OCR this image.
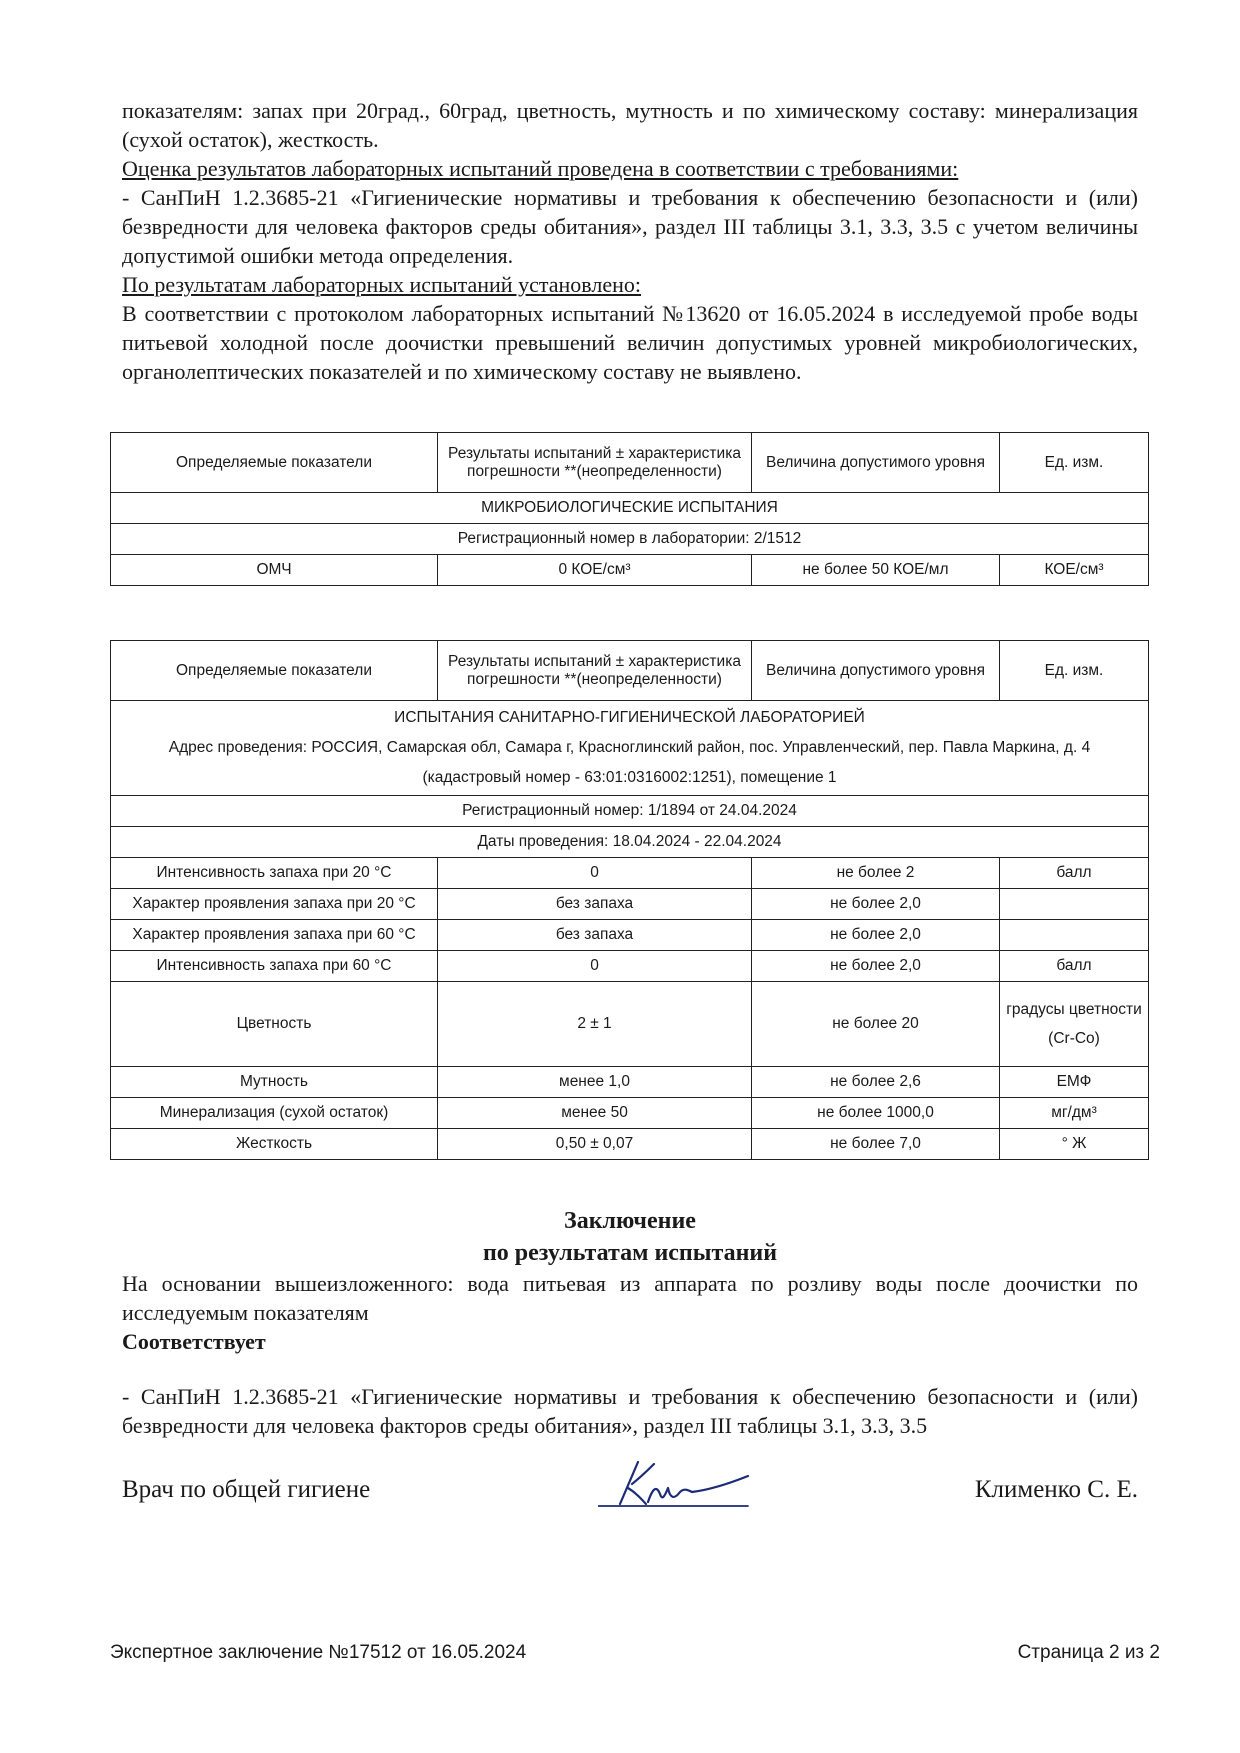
показателям: запах при 20град., 60град, цветность, мутность и по химическому составу: минерализация (сухой остаток), жесткость.

Оценка результатов лабораторных испытаний проведена в соответствии с требованиями:

- СанПиН 1.2.3685-21 «Гигиенические нормативы и требования к обеспечению безопасности и (или) безвредности для человека факторов среды обитания», раздел III таблицы 3.1, 3.3, 3.5 с учетом величины допустимой ошибки метода определения.

По результатам лабораторных испытаний установлено:

В соответствии с протоколом лабораторных испытаний №13620 от 16.05.2024 в исследуемой пробе воды питьевой холодной после доочистки превышений величин допустимых уровней микробиологических, органолептических показателей и по химическому составу не выявлено.

Определяемые показатели	Результаты испытаний ± характеристика погрешности **(неопределенности)	Величина допустимого уровня	Ед. изм.
МИКРОБИОЛОГИЧЕСКИЕ ИСПЫТАНИЯ			
Регистрационный номер в лаборатории: 2/1512			
ОМЧ	0 КОЕ/см³	не более 50 КОЕ/мл	КОЕ/см³
Определяемые показатели	Результаты испытаний ± характеристика погрешности **(неопределенности)	Величина допустимого уровня	Ед. изм.

ИСПЫТАНИЯ САНИТАРНО-ГИГИЕНИЧЕСКОЙ ЛАБОРАТОРИЕЙ
Адрес проведения: РОССИЯ, Самарская обл, Самара г, Красноглинский район, пос. Управленческий, пер. Павла Маркина, д. 4
(кадастровый номер - 63:01:0316002:1251), помещение 1			

Регистрационный номер: 1/1894 от 24.04.2024			
Даты проведения: 18.04.2024 - 22.04.2024			
Интенсивность запаха при 20 °С	0	не более 2	балл
Характер проявления запаха при 20 °С	без запаха	не более 2,0	
Характер проявления запаха при 60 °С	без запаха	не более 2,0	
Интенсивность запаха при 60 °С	0	не более 2,0	балл
Цветность	2 ± 1	не более 20	градусы цветности (Cr-Co)
Мутность	менее 1,0	не более 2,6	ЕМФ
Минерализация (сухой остаток)	менее 50	не более 1000,0	мг/дм³
Жесткость	0,50 ± 0,07	не более 7,0	° Ж
Заключение
по результатам испытаний

На основании вышеизложенного: вода питьевая из аппарата по розливу воды после доочистки по исследуемым показателям

Соответствует

- СанПиН 1.2.3685-21 «Гигиенические нормативы и требования к обеспечению безопасности и (или) безвредности для человека факторов среды обитания», раздел III таблицы 3.1, 3.3, 3.5

Врач по общей гигиене	Клименко С. Е.
Экспертное заключение №17512 от 16.05.2024	Страница 2 из 2
